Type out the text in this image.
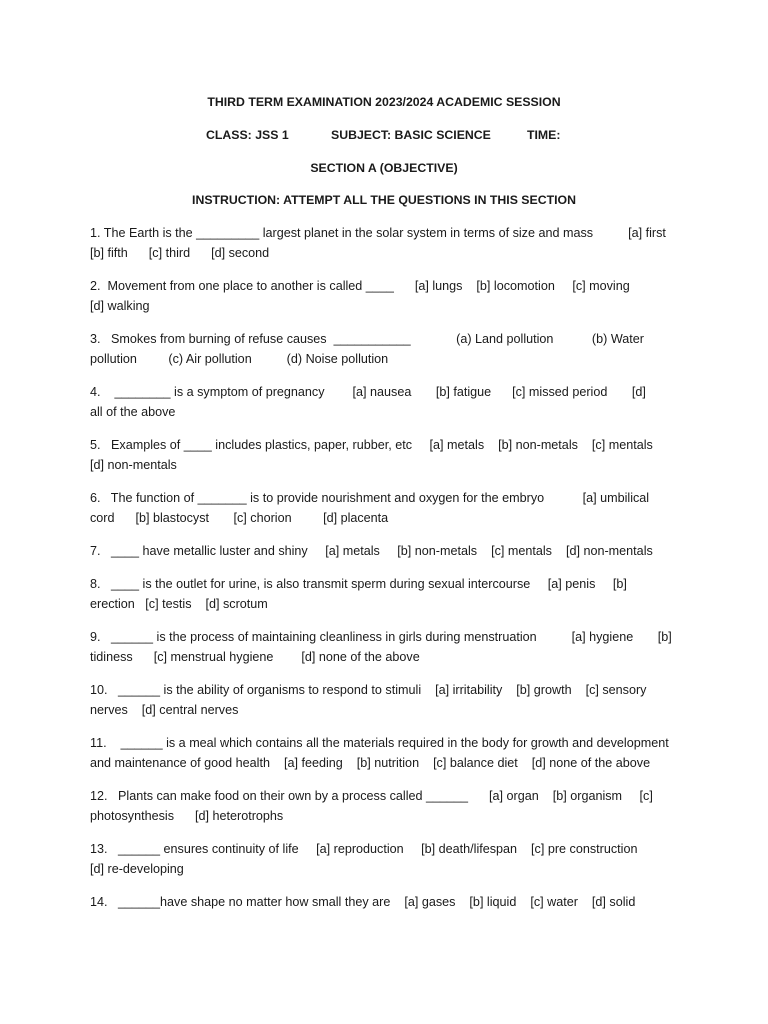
THIRD TERM EXAMINATION 2023/2024 ACADEMIC SESSION
CLASS: JSS 1	SUBJECT: BASIC SCIENCE	TIME:
SECTION A (OBJECTIVE)
INSTRUCTION: ATTEMPT ALL THE QUESTIONS IN THIS SECTION
1. The Earth is the _________ largest planet in the solar system in terms of size and mass          [a] first
[b] fifth      [c] third      [d] second
2.  Movement from one place to another is called ____      [a] lungs    [b] locomotion     [c] moving
[d] walking
3.   Smokes from burning of refuse causes  ___________             (a) Land pollution           (b) Water
pollution         (c) Air pollution          (d) Noise pollution
4.    ________ is a symptom of pregnancy        [a] nausea       [b] fatigue      [c] missed period       [d]
all of the above
5.   Examples of ____ includes plastics, paper, rubber, etc     [a] metals    [b] non-metals    [c] mentals
[d] non-mentals
6.   The function of _______ is to provide nourishment and oxygen for the embryo           [a] umbilical
cord      [b] blastocyst       [c] chorion         [d] placenta
7.   ____ have metallic luster and shiny     [a] metals     [b] non-metals    [c] mentals    [d] non-mentals
8.   ____ is the outlet for urine, is also transmit sperm during sexual intercourse     [a] penis     [b]
erection   [c] testis    [d] scrotum
9.   ______ is the process of maintaining cleanliness in girls during menstruation          [a] hygiene       [b]
tidiness      [c] menstrual hygiene        [d] none of the above
10.   ______ is the ability of organisms to respond to stimuli    [a] irritability    [b] growth    [c] sensory
nerves    [d] central nerves
11.    ______ is a meal which contains all the materials required in the body for growth and development
and maintenance of good health    [a] feeding    [b] nutrition    [c] balance diet    [d] none of the above
12.   Plants can make food on their own by a process called ______      [a] organ    [b] organism     [c]
photosynthesis      [d] heterotrophs
13.   ______ ensures continuity of life     [a] reproduction     [b] death/lifespan    [c] pre construction
[d] re-developing
14.   ______have shape no matter how small they are    [a] gases    [b] liquid    [c] water    [d] solid
